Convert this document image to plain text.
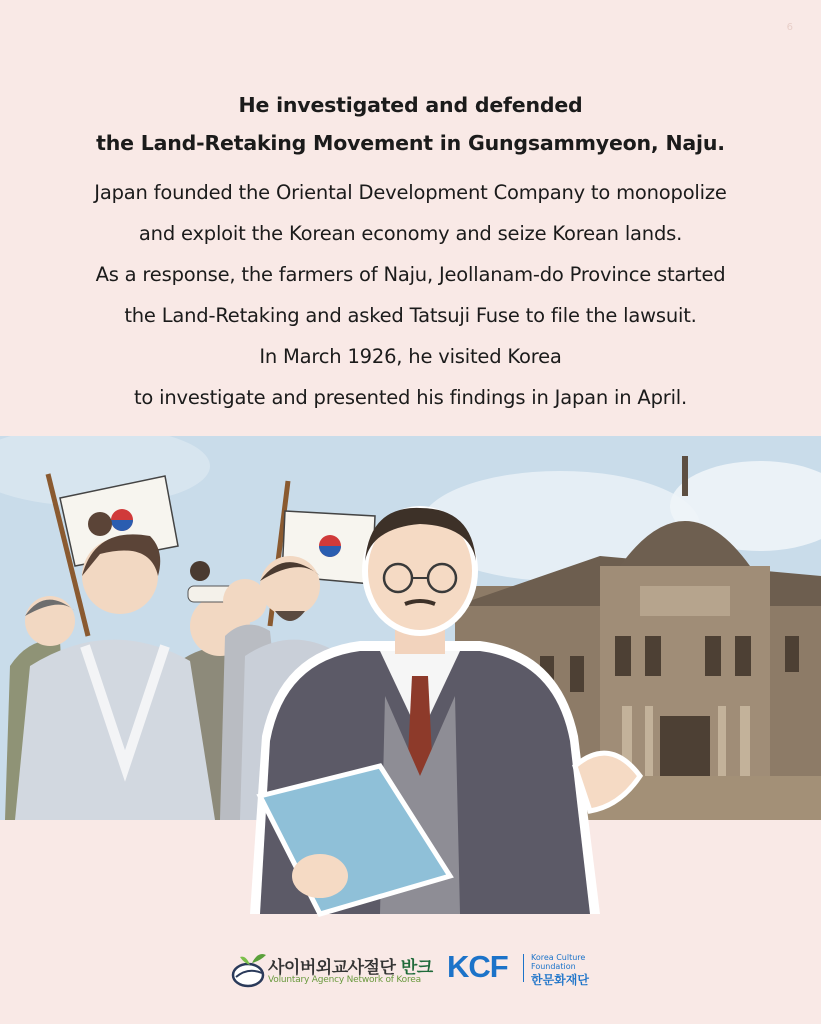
6
He investigated and defended
the Land-Retaking Movement in Gungsammyeon, Naju.
Japan founded the Oriental Development Company to monopolize
and exploit the Korean economy and seize Korean lands.
As a response, the farmers of Naju, Jeollanam-do Province started
the Land-Retaking and asked Tatsuji Fuse to file the lawsuit.
In March 1926, he visited Korea
to investigate and presented his findings in Japan in April.
사이버외교사절단 반크
Voluntary Agency Network of Korea KCF	Korea Culture
Foundation
한문화재단
